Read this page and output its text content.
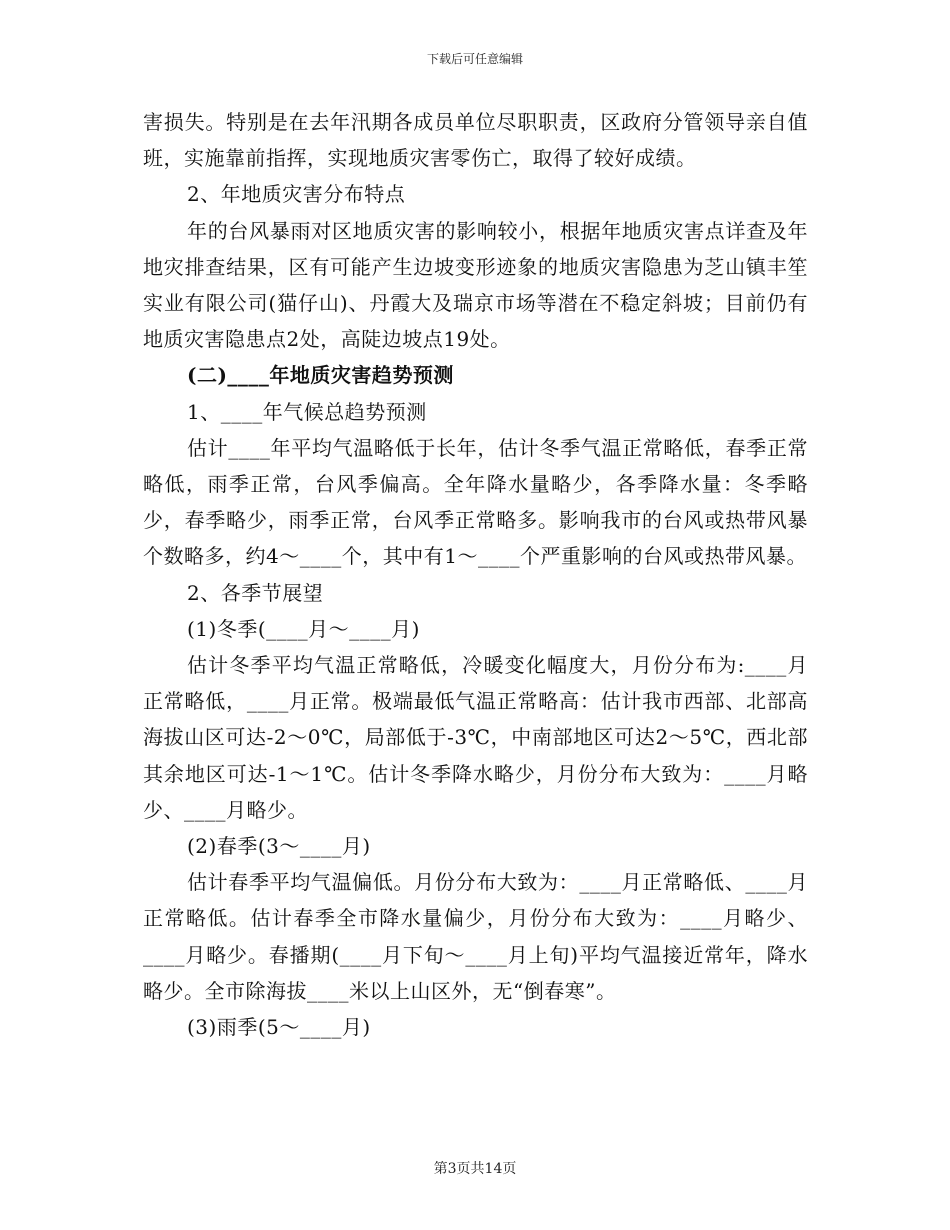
下载后可任意编辑

害损失。特别是在去年汛期各成员单位尽职职责，区政府分管领导亲自值班，实施靠前指挥，实现地质灾害零伤亡，取得了较好成绩。

2、年地质灾害分布特点

年的台风暴雨对区地质灾害的影响较小，根据年地质灾害点详查及年地灾排查结果，区有可能产生边坡变形迹象的地质灾害隐患为芝山镇丰笙实业有限公司(猫仔山)、丹霞大及瑞京市场等潜在不稳定斜坡；目前仍有地质灾害隐患点2处，高陡边坡点19处。

(二)____年地质灾害趋势预测

1、____年气候总趋势预测

估计____年平均气温略低于长年，估计冬季气温正常略低，春季正常略低，雨季正常，台风季偏高。全年降水量略少，各季降水量：冬季略少，春季略少，雨季正常，台风季正常略多。影响我市的台风或热带风暴个数略多，约4～____个，其中有1～____个严重影响的台风或热带风暴。

2、各季节展望

(1)冬季(____月～____月)

估计冬季平均气温正常略低，冷暖变化幅度大，月份分布为:____月正常略低，____月正常。极端最低气温正常略高：估计我市西部、北部高海拔山区可达-2～0℃，局部低于-3℃，中南部地区可达2～5℃，西北部其余地区可达-1～1℃。估计冬季降水略少，月份分布大致为：____月略少、____月略少。

(2)春季(3～____月)

估计春季平均气温偏低。月份分布大致为：____月正常略低、____月正常略低。估计春季全市降水量偏少，月份分布大致为：____月略少、____月略少。春播期(____月下旬～____月上旬)平均气温接近常年，降水略少。全市除海拔____米以上山区外，无“倒春寒”。

(3)雨季(5～____月)

第3页共14页
